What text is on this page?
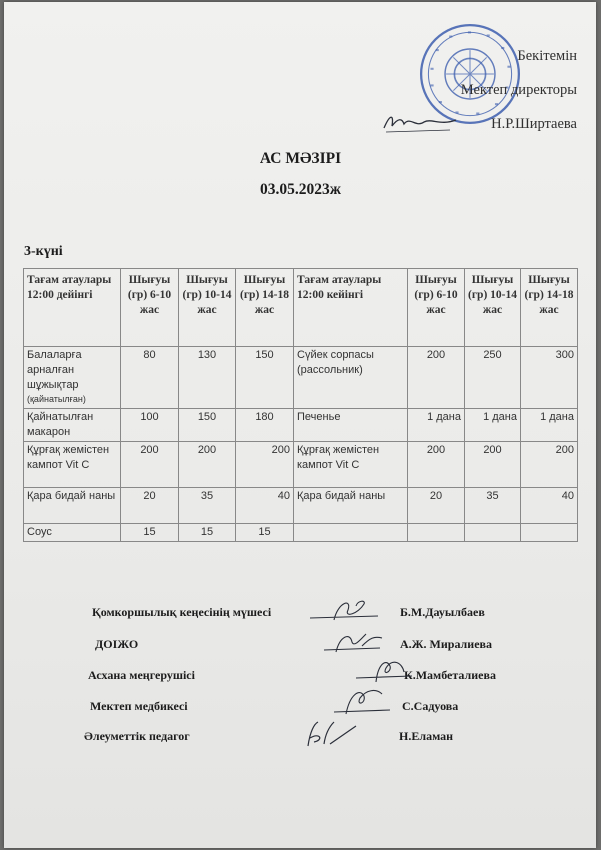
Бекітемін
Мектеп директоры
Н.Р.Ширтаева
АС МӘЗІРІ
03.05.2023ж
3-күні
Тағам атаулары 12:00 дейінгі	Шығуы (гр) 6-10 жас	Шығуы (гр) 10-14 жас	Шығуы (гр) 14-18 жас	Тағам атаулары 12:00 кейінгі	Шығуы (гр) 6-10 жас	Шығуы (гр) 10-14 жас	Шығуы (гр) 14-18 жас
Балаларға арналған шұжықтар
(қайнатылған)	80	130	150	Сүйек сорпасы (рассольник)	200	250	300
Қайнатылған макарон	100	150	180	Печенье	1 дана	1 дана	1 дана
Құрғақ жемістен кампот Vit C	200	200	200	Құрғақ жемістен кампот Vit C	200	200	200
Қара бидай наны	20	35	40	Қара бидай наны	20	35	40
Соус	15	15	15				
Қомкоршылық кеңесінің мүшесі	Б.М.Дауылбаев
ДОІЖО	А.Ж. Миралиева
Асхана меңгерушісі	К.Мамбеталиева
Мектеп медбикесі	С.Садуова
Әлеуметтік педагог	Н.Еламан
